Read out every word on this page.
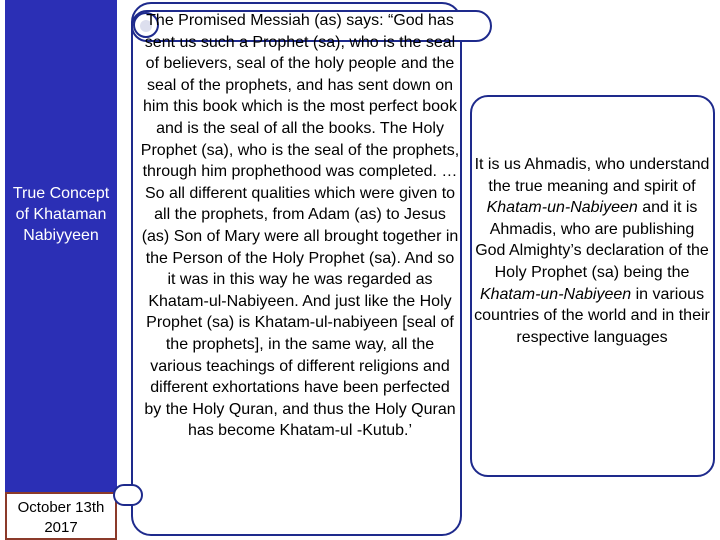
True Concept of Khataman Nabiyyeen
October 13th 2017
The Promised Messiah (as) says: “God has sent us such a Prophet (sa), who is the seal of believers, seal of the holy people and the seal of the prophets, and has sent down on him this book which is the most perfect book and is the seal of all the books. The Holy Prophet (sa), who is the seal of the prophets, through him prophethood was completed. … So all different qualities which were given to all the prophets, from Adam (as) to Jesus (as) Son of Mary were all brought together in the Person of the Holy Prophet (sa). And so it was in this way he was regarded as Khatam-ul-Nabiyeen. And just like the Holy Prophet (sa) is Khatam-ul-nabiyeen [seal of the prophets], in the same way, all the various teachings of different religions and different exhortations have been perfected by the Holy Quran, and thus the Holy Quran has become Khatam-ul -Kutub.’
It is us Ahmadis, who understand the true meaning and spirit of Khatam-un-Nabiyeen and it is Ahmadis, who are publishing God Almighty’s declaration of the Holy Prophet (sa) being the Khatam-un-Nabiyeen in various countries of the world and in their respective languages
